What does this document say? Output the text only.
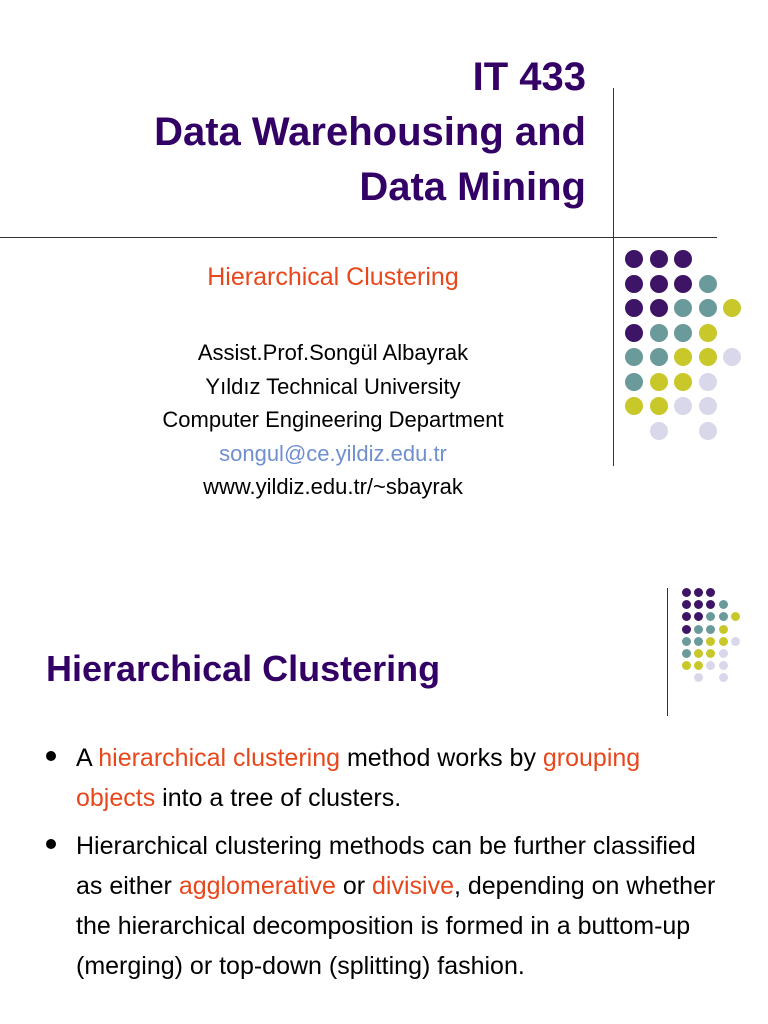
IT 433
Data Warehousing and
Data Mining
Hierarchical Clustering
Assist.Prof.Songül Albayrak
Yıldız Technical University
Computer Engineering Department
songul@ce.yildiz.edu.tr
www.yildiz.edu.tr/~sbayrak
Hierarchical Clustering
A hierarchical clustering method works by grouping objects into a tree of clusters.
Hierarchical clustering methods can be further classified as either agglomerative or divisive, depending on whether the hierarchical decomposition is formed in a buttom-up (merging) or top-down (splitting) fashion.
